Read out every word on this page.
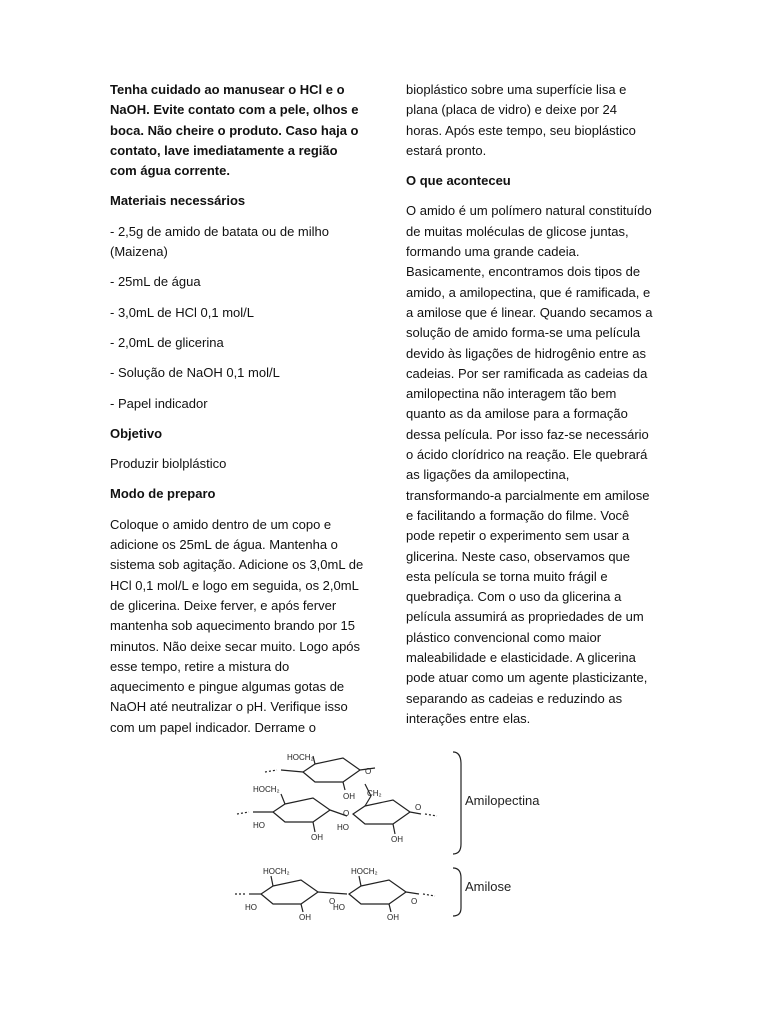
Tenha cuidado ao manusear o HCl e o NaOH. Evite contato com a pele, olhos e boca. Não cheire o produto. Caso haja o contato, lave imediatamente a região com água corrente.

Materiais necessários

- 2,5g de amido de batata ou de milho (Maizena)

- 25mL de água

- 3,0mL de HCl 0,1 mol/L

- 2,0mL de glicerina

- Solução de NaOH 0,1 mol/L

- Papel indicador

Objetivo

Produzir biolplástico

Modo de preparo

Coloque o amido dentro de um copo e adicione os 25mL de água. Mantenha o sistema sob agitação. Adicione os 3,0mL de HCl 0,1 mol/L e logo em seguida, os 2,0mL de glicerina. Deixe ferver, e após ferver mantenha sob aquecimento brando por 15 minutos. Não deixe secar muito. Logo após esse tempo, retire a mistura do aquecimento e pingue algumas gotas de NaOH até neutralizar o pH. Verifique isso com um papel indicador. Derrame o

bioplástico sobre uma superfície lisa e plana (placa de vidro) e deixe por 24 horas. Após este tempo, seu bioplástico estará pronto.

O que aconteceu

O amido é um polímero natural constituído de muitas moléculas de glicose juntas, formando uma grande cadeia. Basicamente, encontramos dois tipos de amido, a amilopectina, que é ramificada, e a amilose que é linear. Quando secamos a solução de amido forma-se uma película devido às ligações de hidrogênio entre as cadeias. Por ser ramificada as cadeias da amilopectina não interagem tão bem quanto as da amilose para a formação dessa película. Por isso faz-se necessário o ácido clorídrico na reação. Ele quebrará as ligações da amilopectina, transformando-a parcialmente em amilose e facilitando a formação do filme. Você pode repetir o experimento sem usar a glicerina. Neste caso, observamos que esta película se torna muito frágil e quebradiça. Com o uso da glicerina a película assumirá as propriedades de um plástico convencional como maior maleabilidade e elasticidade. A glicerina pode atuar como um agente plasticizante, separando as cadeias e reduzindo as interações entre elas.

HOCH₂
OH
O
CH₂
HOCH₂
HO
OH
O
HO
OH
O
HOCH₂
HO
OH
O
HOCH₂
HO
OH
O
Amilopectina
Amilose
